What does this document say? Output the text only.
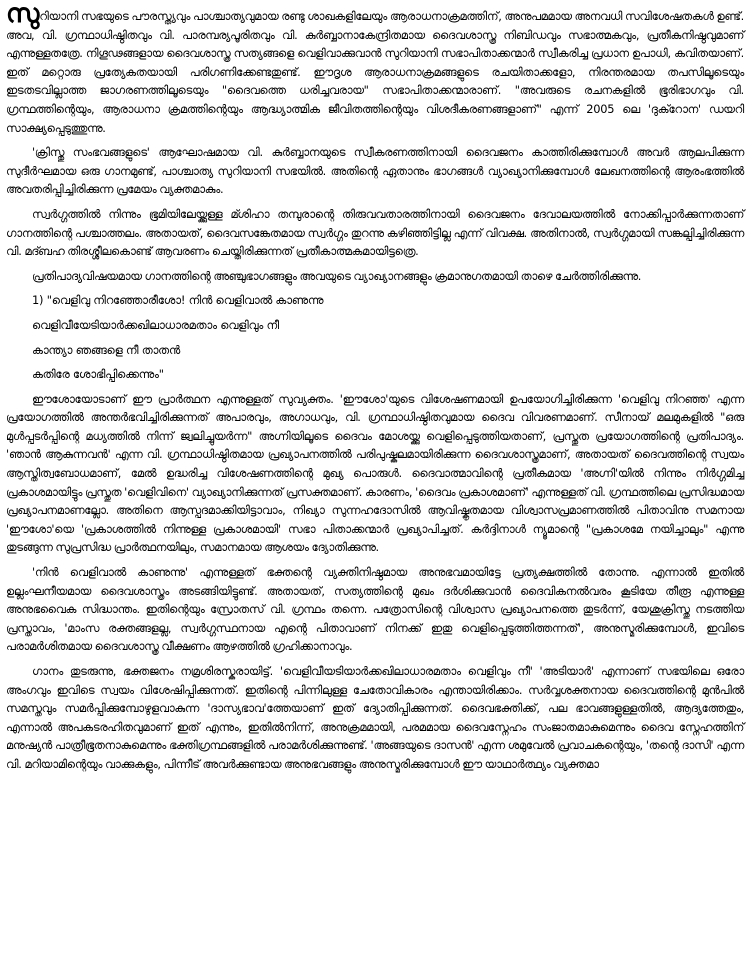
സുറിയാനി സഭയുടെ പൗരസ്ത്യവും പാശ്ചാത്യവുമായ രണ്ടു ശാഖകളിലേയും ആരാധനാക്രമത്തിന്, അനുപമമായ അനവധി സവിശേഷതകൾ ഉണ്ട്. അവ, വി. ഗ്രന്ഥാധിഷ്ഠിതവും വി. പാരമ്പര്യപൂരിതവും വി. കുർബ്ബാനാകേന്ദ്രിതമായ ദൈവശാസ്ത്ര നിബിഡവും സഭാത്മകവും, പ്രതീകനിഷ്ഠവുമാണ് എന്നുള്ളതത്രേ. നിഗൂഢങ്ങളായ ദൈവശാസ്ത്ര സത്യങ്ങളെ വെളിവാക്കുവാൻ സുറിയാനി സഭാപിതാക്കന്മാർ സ്വീകരിച്ച പ്രധാന ഉപാധി, കവിതയാണ്. ഇത് മറ്റൊരു പ്രത്യേകതയായി പരിഗണിക്കേണ്ടതുണ്ട്. ഈദൃശ ആരാധനാക്രമങ്ങളുടെ രചയിതാക്കളോ, നിരന്തരമായ തപസിലൂടെയും ഇടതടവില്ലാത്ത ജാഗരണത്തിലൂടെയും "ദൈവത്തെ ധരിച്ചവരായ" സഭാപിതാക്കന്മാരാണ്. "അവരുടെ രചനകളിൽ ഭൂരിഭാഗവും വി. ഗ്രന്ഥത്തിന്റെയും, ആരാധനാ ക്രമത്തിന്റെയും ആദ്ധ്യാത്മിക ജീവിതത്തിന്റെയും വിശദീകരണങ്ങളാണ്" എന്ന് 2005 ലെ 'ദുക്റോന' ഡയറി സാക്ഷ്യപ്പെടുത്തുന്നു.

'ക്രിസ്തു സംഭവങ്ങളുടെ' ആഘോഷമായ വി. കുർബ്ബാനയുടെ സ്വീകരണത്തിനായി ദൈവജനം കാത്തിരിക്കുമ്പോൾ അവർ ആലപിക്കുന്ന സുദീർഘമായ ഒരു ഗാനമുണ്ട്, പാശ്ചാത്യ സുറിയാനി സഭയിൽ. അതിന്റെ ഏതാനും ഭാഗങ്ങൾ വ്യാഖ്യാനിക്കുമ്പോൾ ലേഖനത്തിന്റെ ആരംഭത്തിൽ അവതരിപ്പിച്ചിരിക്കുന്ന പ്രമേയം വ്യക്തമാകും.

സ്വർഗ്ഗത്തിൽ നിന്നും ഭൂമിയിലേയ്ക്കുള്ള മ്ശിഹാ തമ്പുരാന്റെ തിരുവവതാരത്തിനായി ദൈവജനം ദേവാലയത്തിൽ നോക്കിപ്പാർക്കുന്നതാണ് ഗാനത്തിന്റെ പശ്ചാത്തലം. അതായത്, ദൈവസങ്കേതമായ സ്വർഗ്ഗം തുറന്നു കഴിഞ്ഞിട്ടില്ല എന്ന് വിവക്ഷ. അതിനാൽ, സ്വർഗ്ഗമായി സങ്കല്പിച്ചിരിക്കുന്ന വി. മദ്ബഹ തിരശ്ശീലകൊണ്ട് ആവരണം ചെയ്തിരിക്കുന്നത് പ്രതീകാത്മകമായിട്ടത്രെ.

പ്രതിപാദ്യവിഷയമായ ഗാനത്തിന്റെ അഞ്ചുഭാഗങ്ങളും അവയുടെ വ്യാഖ്യാനങ്ങളും ക്രമാനുഗതമായി താഴെ ചേർത്തിരിക്കുന്നു.

1) "വെളിവു നിറഞ്ഞോരീശോ! നിൻ വെളിവാൽ കാണുന്നു

വെളിവീയേടിയാർക്കഖിലാധാരമതാം വെളിവും നീ

കാന്ത്യാ ഞങ്ങളെ നീ താതൻ

കതിരേ ശോഭിപ്പിക്കെന്നും"

ഈശോയോടാണ് ഈ പ്രാർത്ഥന എന്നുള്ളത് സുവ്യക്തം. 'ഈശോ'യുടെ വിശേഷണമായി ഉപയോഗിച്ചിരിക്കുന്ന 'വെളിവു നിറഞ്ഞ' എന്ന പ്രയോഗത്തിൽ അന്തർഭവിച്ചിരിക്കുന്നത് അപാരവും, അഗാധവും, വി. ഗ്രന്ഥാധിഷ്ഠിതവുമായ ദൈവ വിവരണമാണ്. സീനായ് മലമുകളിൽ "ഒരു മുൾപ്പടർപ്പിന്റെ മധ്യത്തിൽ നിന്ന് ജ്വലിച്ചുയർന്ന" അഗ്നിയിലൂടെ ദൈവം മോശയ്ക്കു വെളിപ്പെടുത്തിയതാണ്, പ്രസ്തുത പ്രയോഗത്തിന്റെ പ്രതിപാദ്യം. 'ഞാൻ ആകുന്നവൻ' എന്ന വി. ഗ്രന്ഥാധിഷ്ഠിതമായ പ്രഖ്യാപനത്തിൽ പരിപുഷ്കലമായിരിക്കുന്ന ദൈവശാസ്ത്രമാണ്, അതായത് ദൈവത്തിന്റെ സ്വയം ആസ്തിത്വബോധമാണ്, മേൽ ഉദ്ധരിച്ച വിശേഷണത്തിന്റെ മുഖ്യ പൊരുൾ. ദൈവാത്മാവിന്റെ പ്രതീകമായ 'അഗ്നി'യിൽ നിന്നും നിർഗ്ഗമിച്ച പ്രകാശമായിട്ടും പ്രസ്തുത 'വെളിവിനെ' വ്യാഖ്യാനിക്കുന്നത് പ്രസക്തമാണ്. കാരണം, 'ദൈവം പ്രകാശമാണ്' എന്നുള്ളത് വി. ഗ്രന്ഥത്തിലെ പ്രസിദ്ധമായ പ്രഖ്യാപനമാണല്ലോ. അതിനെ ആസ്പദമാക്കിയിട്ടാവാം, നിഖ്യാ സുന്നഹദോസിൽ ആവിഷ്കൃതമായ വിശ്വാസപ്രമാണത്തിൽ പിതാവിനു സമനായ 'ഈശോ'യെ 'പ്രകാശത്തിൽ നിന്നുള്ള പ്രകാശമായി' സഭാ പിതാക്കന്മാർ പ്രഖ്യാപിച്ചത്. കർദ്ദിനാൾ ന്യൂമാന്റെ "പ്രകാശമേ നയിച്ചാലും" എന്നു തുടങ്ങുന്ന സുപ്രസിദ്ധ പ്രാർത്ഥനയിലും, സമാനമായ ആശയം ദ്യോതിക്കുന്നു.

'നിൻ വെളിവാൽ കാണുന്നു' എന്നുള്ളത് ഭക്തന്റെ വ്യക്തിനിഷ്ഠമായ അനുഭവമായിട്ടേ പ്രത്യക്ഷത്തിൽ തോന്നു. എന്നാൽ ഇതിൽ ഉല്ലംഘനീയമായ ദൈവശാസ്ത്രം അടങ്ങിയിട്ടുണ്ട്. അതായത്, സത്യത്തിന്റെ മുഖം ദർശിക്കുവാൻ ദൈവികനൽവരം കൂടിയേ തീരൂ എന്നുള്ള അനുഭവൈക സിദ്ധാന്തം. ഇതിന്റെയും സ്രോതസ് വി. ഗ്രന്ഥം തന്നെ. പത്രോസിന്റെ വിശ്വാസ പ്രഖ്യാപനത്തെ തുടർന്ന്, യേശുക്രിസ്തു നടത്തിയ പ്രസ്താവം, 'മാംസ രക്തങ്ങളല്ല, സ്വർഗ്ഗസ്ഥനായ എന്റെ പിതാവാണ് നിനക്ക് ഇതു വെളിപ്പെടുത്തിത്തന്നത്', അനുസ്മരിക്കുമ്പോൾ, ഇവിടെ പരാമർശിതമായ ദൈവശാസ്ത്ര വീക്ഷണം ആഴത്തിൽ ഗ്രഹിക്കാനാവും.

ഗാനം തുടരുന്നു, ഭക്തജനം നമ്രശിരസ്കരായിട്ട്. 'വെളിവീയടിയാർക്കഖിലാധാരമതാം വെളിവും നീ' 'അടിയാർ' എന്നാണ് സഭയിലെ ഒരോ അംഗവും ഇവിടെ സ്വയം വിശേഷിപ്പിക്കുന്നത്. ഇതിന്റെ പിന്നിലുള്ള ചേതോവികാരം എന്തായിരിക്കാം. സർവ്വശക്തനായ ദൈവത്തിന്റെ മുൻപിൽ സമസ്തവും സമർപ്പിക്കുമ്പോഴുളവാകുന്ന 'ദാസ്യഭാവ'ത്തേയാണ് ഇത് ദ്യോതിപ്പിക്കുന്നത്. ദൈവഭക്തിക്ക്, പല ഭാവങ്ങളുള്ളതിൽ, ആദ്യത്തേതും, എന്നാൽ അപകടരഹിതവുമാണ് ഇത് എന്നും, ഇതിൽനിന്ന്, അനുക്രമമായി, പരമമായ ദൈവസ്നേഹം സംജാതമാകുമെന്നും ദൈവ സ്നേഹത്തിന് മനുഷ്യൻ പാത്രീഭൂതനാകുമെന്നും ഭക്തിഗ്രന്ഥങ്ങളിൽ പരാമർശിക്കുന്നുണ്ട്. 'അങ്ങയുടെ ദാസൻ' എന്ന ശമുവേൽ പ്രവാചകന്റെയും, 'തന്റെ ദാസി' എന്ന വി. മറിയാമിന്റെയും വാക്കുകളും, പിന്നീട് അവർക്കുണ്ടായ അനുഭവങ്ങളും അനുസ്മരിക്കുമ്പോൾ ഈ യാഥാർത്ഥ്യം വ്യക്തമാ
